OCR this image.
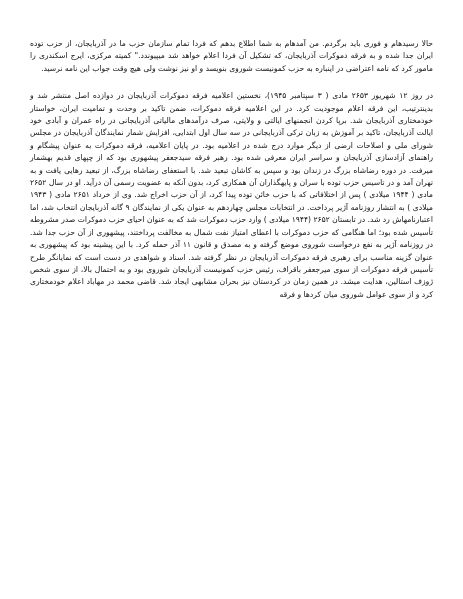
حالا رسیدهام و فوری باید برگردم. من آمدهام به شما اطلاع بدهم که فردا تمام سازمان حزب ما در آذربایجان، از حزب توده ایران جدا شده و به فرقه دموکرات آذربایجان، که تشکیل آن فردا اعلام خواهد شد میپیوندد." کمیته مرکزی، ایرج اسکندری را مامور کرد که نامه اعتراضی در اینباره به حزب کمونیست شوروی بنویسد و او نیز نوشت ولی هیچ وقت جواب این نامه نرسید.

در روز ۱۲ شهریور ۲۶۵۳ مادی ( ۳ سپتامبر ۱۹۴۵)، نخستین اعلامیه فرقه دموکرات آذربایجان در دوازده اصل منتشر شد و بدینترتیب، این فرقه اعلام موجودیت کرد. در این اعلامیه فرقه دموکرات، ضمن تاکید بر وحدت و تمامیت ایران، خواستار خودمختاری آذربایجان شد. برپا کردن انجمنهای ایالتی و ولایتی، صرف درآمدهای مالیاتی آذربایجانی در راه عمران و آبادی خود ایالت آذربایجان، تاکید بر آموزش به زبان ترکی آذربایجانی در سه سال اول ابتدایی، افزایش شمار نمایندگان آذربایجان در مجلس شورای ملی و اصلاحات ارضی از دیگر موارد درج شده در اعلامیه بود. در پایان اعلامیه، فرقه دموکرات به عنوان پیشگام و راهنمای آزادسازی آذربایجان و سراسر ایران معرفی شده بود. رهبر فرقه سیدجعفر پیشهوری بود که از چپهای قدیم بهشمار میرفت. در دوره رضاشاه بزرگ در زندان بود و سپس به کاشان تبعید شد. با استعفای رضاشاه بزرگ، از تبعید رهایی یافت و به تهران آمد و در تاسیس حزب توده با سران و پایهگذاران آن همکاری کرد، بدون آنکه به عضویت رسمی آن درآید. او در سال ۲۶۵۲ مادی ( ۱۹۴۴ میلادی ) پس از اختلافاتی که با حزب خائن توده پیدا کرد، از آن حزب اخراج شد. وی از خرداد ۲۶۵۱ مادی ( ۱۹۴۳ میلادی ) به انتشار روزنامه آژیر پرداخت. در انتخابات مجلس چهاردهم به عنوان یکی از نمایندگان ۹ گانه آذربایجان انتخاب شد، اما اعتبارنامهاش رد شد. در تابستان ۲۶۵۲ (۱۹۴۴ میلادی ) وارد حزب دموکرات شد که به عنوان احیای حزب دموکرات صدر مشروطه تأسیس شده بود؛ اما هنگامی که حزب دموکرات با اعطای امتیاز نفت شمال به مخالفت پرداختند، پیشهوری از آن حزب جدا شد. در روزنامه آژیر به نفع درخواست شوروی موضع گرفته و به مصدق و قانون ۱۱ آذر حمله کرد. با این پیشینه بود که پیشهوری به عنوان گزینه مناسب برای رهبری فرقه دموکرات آذربایجان در نظر گرفته شد. اسناد و شواهدی در دست است که نمایانگر طرح تأسیس فرقه دموکرات از سوی میرجعفر باقراف، رئیس حزب کمونیست آذربایجان شوروی بود و به احتمال بالا، از سوی شخص ژوزف استالین، هدایت میشد. در همین زمان در کردستان نیز بحران مشابهی ایجاد شد. قاضی محمد در مهاباد اعلام خودمختاری کرد و از سوی عوامل شوروی میان کردها و فرقه
